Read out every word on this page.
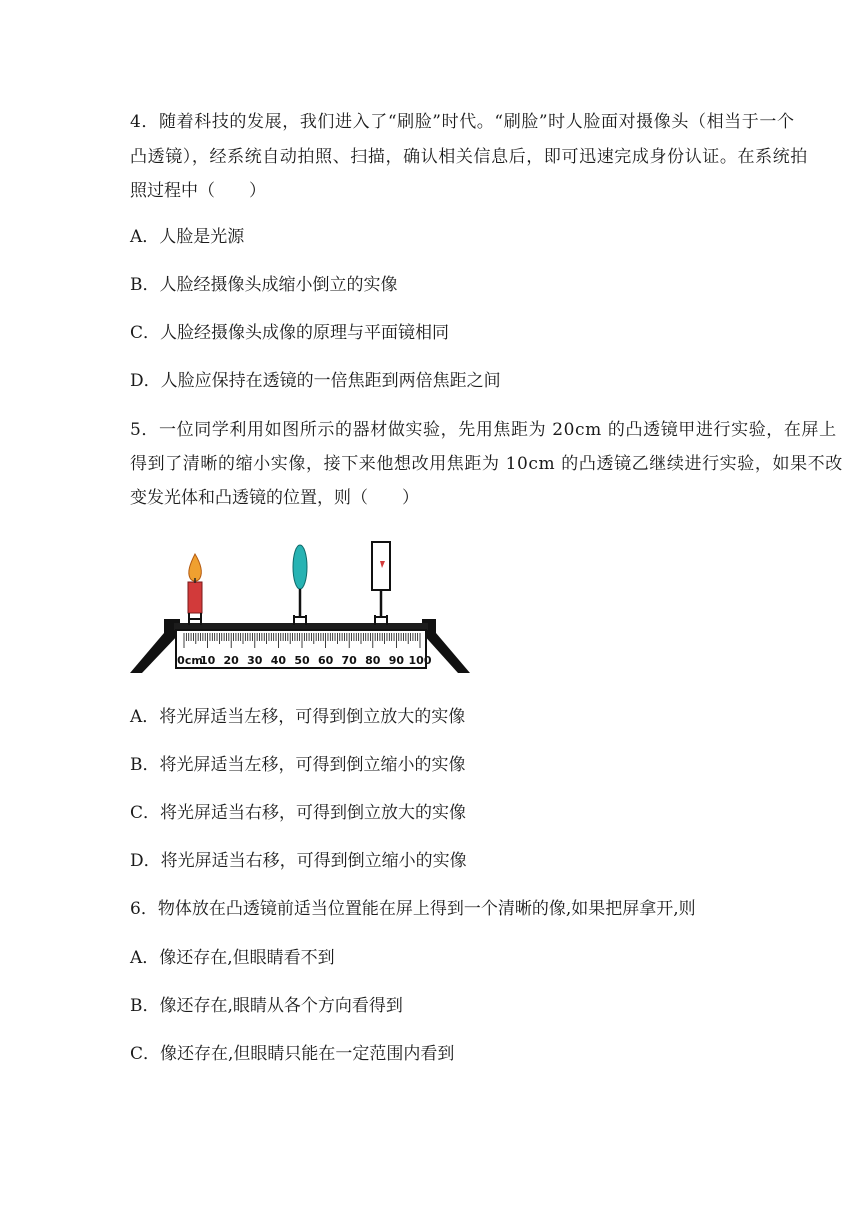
4．随着科技的发展，我们进入了“刷脸”时代。“刷脸”时人脸面对摄像头（相当于一个
凸透镜），经系统自动拍照、扫描，确认相关信息后，即可迅速完成身份认证。在系统拍
照过程中（　　）
A．人脸是光源
B．人脸经摄像头成缩小倒立的实像
C．人脸经摄像头成像的原理与平面镜相同
D．人脸应保持在透镜的一倍焦距到两倍焦距之间
5．一位同学利用如图所示的器材做实验，先用焦距为 20cm 的凸透镜甲进行实验，在屏上
得到了清晰的缩小实像，接下来他想改用焦距为 10cm 的凸透镜乙继续进行实验，如果不改
变发光体和凸透镜的位置，则（　　）
0cm
10 20 30 40 50 60 70 80 90 100
A．将光屏适当左移，可得到倒立放大的实像
B．将光屏适当左移，可得到倒立缩小的实像
C．将光屏适当右移，可得到倒立放大的实像
D．将光屏适当右移，可得到倒立缩小的实像
6．物体放在凸透镜前适当位置能在屏上得到一个清晰的像,如果把屏拿开,则
A．像还存在,但眼睛看不到
B．像还存在,眼睛从各个方向看得到
C．像还存在,但眼睛只能在一定范围内看到
